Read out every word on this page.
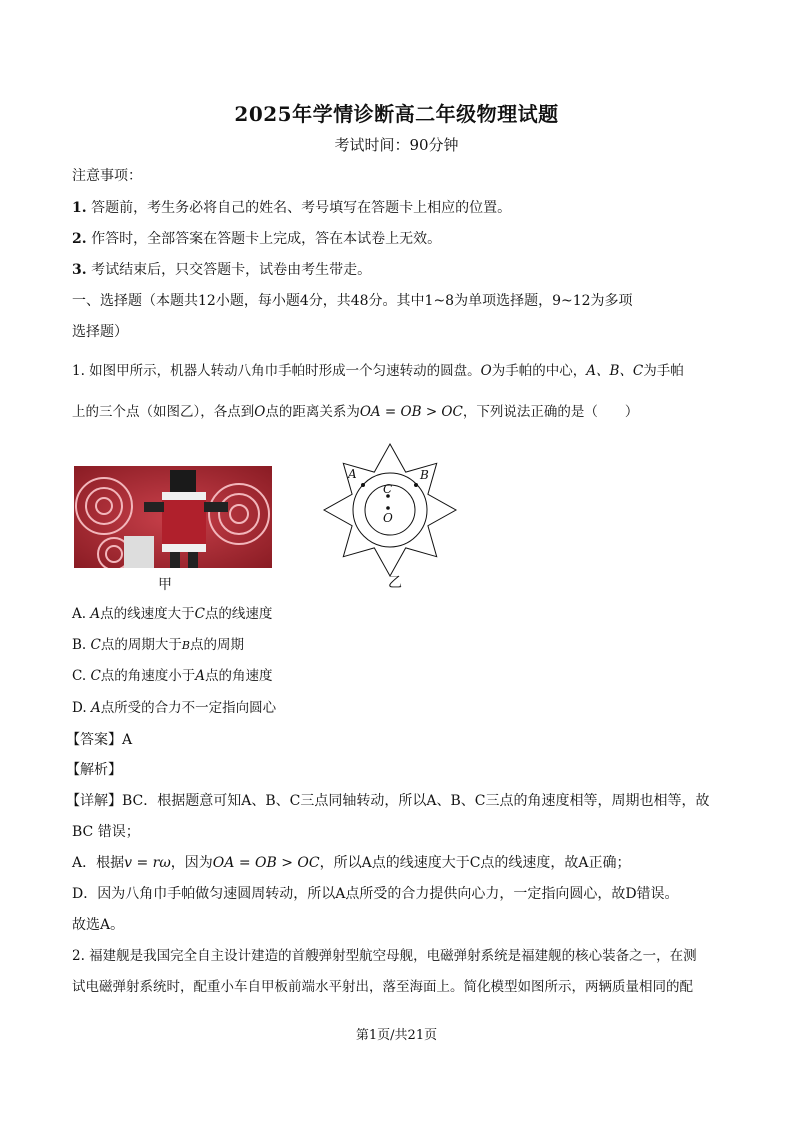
2025年学情诊断高二年级物理试题
考试时间：90分钟
注意事项：
1. 答题前，考生务必将自己的姓名、考号填写在答题卡上相应的位置。
2. 作答时，全部答案在答题卡上完成，答在本试卷上无效。
3. 考试结束后，只交答题卡，试卷由考生带走。
一、选择题（本题共12小题，每小题4分，共48分。其中1~8为单项选择题，9~12为多项
选择题）
1. 如图甲所示，机器人转动八角巾手帕时形成一个匀速转动的圆盘。O为手帕的中心，A、B、C为手帕
上的三个点（如图乙），各点到O点的距离关系为OA = OB > OC，下列说法正确的是（　　）
甲
A	B
C
O
乙
A. A点的线速度大于C点的线速度
B. C点的周期大于B点的周期
C. C点的角速度小于A点的角速度
D. A点所受的合力不一定指向圆心
【答案】A
【解析】
【详解】BC．根据题意可知A、B、C三点同轴转动，所以A、B、C三点的角速度相等，周期也相等，故
BC 错误；
A．根据v = rω，因为OA = OB > OC，所以A点的线速度大于C点的线速度，故A正确；
D．因为八角巾手帕做匀速圆周转动，所以A点所受的合力提供向心力，一定指向圆心，故D错误。
故选A。
2. 福建舰是我国完全自主设计建造的首艘弹射型航空母舰，电磁弹射系统是福建舰的核心装备之一，在测
试电磁弹射系统时，配重小车自甲板前端水平射出，落至海面上。简化模型如图所示，两辆质量相同的配
第1页/共21页
